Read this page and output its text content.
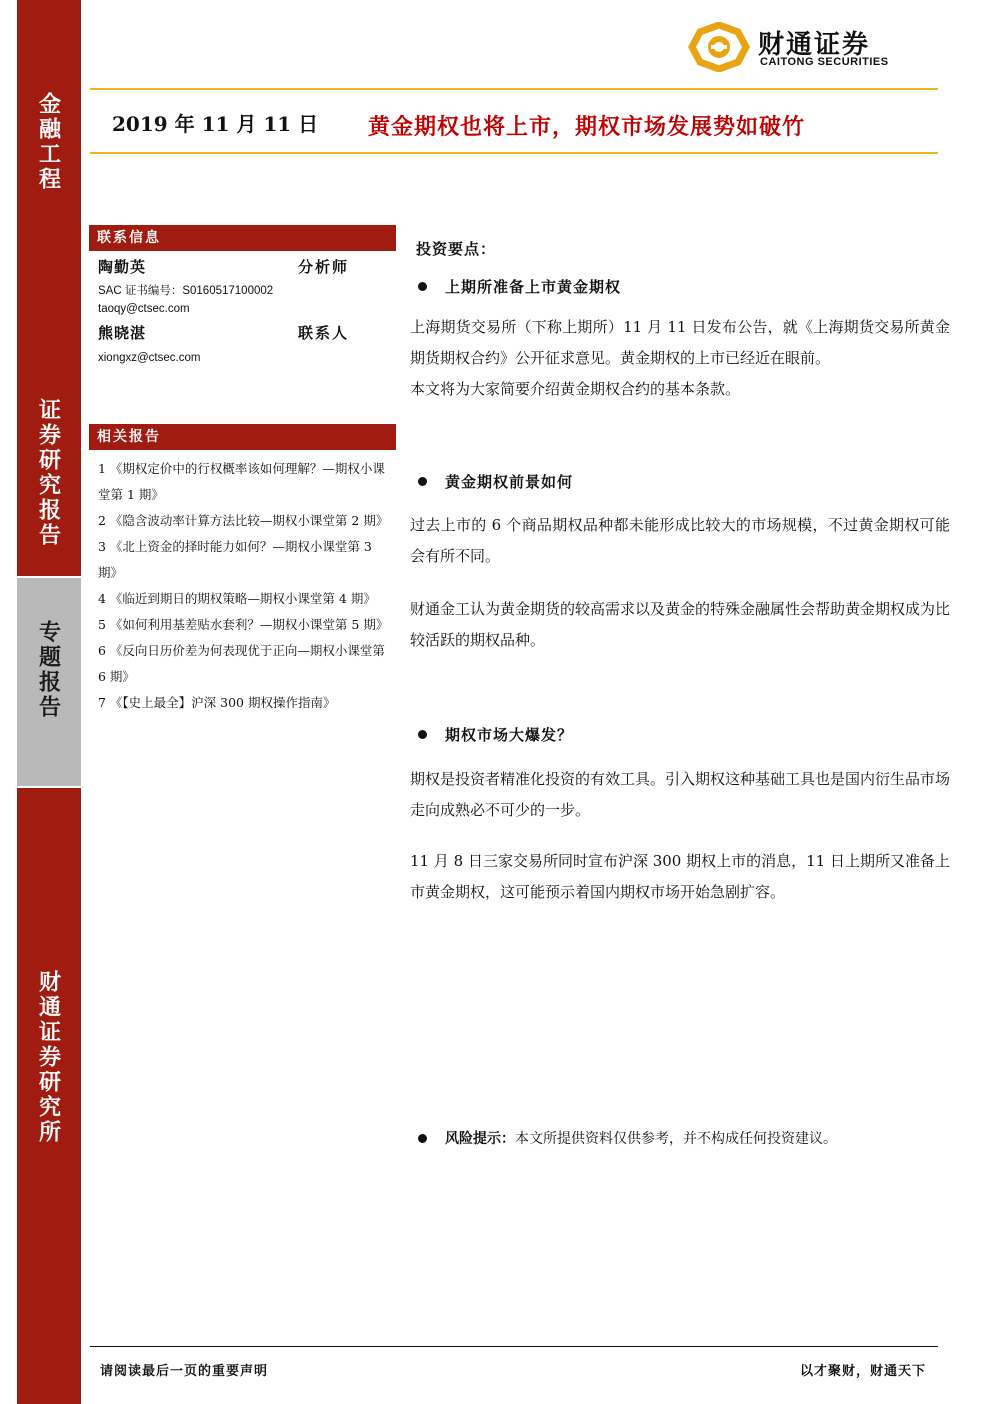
金融工程
证券研究报告
专题报告
财通证券研究所
财通证券
CAITONG SECURITIES
2019 年 11 月 11 日 黄金期权也将上市，期权市场发展势如破竹
联系信息
陶勤英	分析师
SAC 证书编号：S0160517100002
taoqy@ctsec.com
熊晓湛	联系人
xiongxz@ctsec.com
相关报告
1 《期权定价中的行权概率该如何理解？—期权小课堂第 1 期》
2 《隐含波动率计算方法比较—期权小课堂第 2 期》
3 《北上资金的择时能力如何？—期权小课堂第 3 期》
4 《临近到期日的期权策略—期权小课堂第 4 期》
5 《如何利用基差贴水套利？—期权小课堂第 5 期》
6 《反向日历价差为何表现优于正向—期权小课堂第 6 期》
7 《【史上最全】沪深 300 期权操作指南》
投资要点：
上期所准备上市黄金期权
上海期货交易所（下称上期所）11 月 11 日发布公告，就《上海期货交易所黄金期货期权合约》公开征求意见。黄金期权的上市已经近在眼前。
本文将为大家简要介绍黄金期权合约的基本条款。
黄金期权前景如何
过去上市的 6 个商品期权品种都未能形成比较大的市场规模，不过黄金期权可能会有所不同。
财通金工认为黄金期货的较高需求以及黄金的特殊金融属性会帮助黄金期权成为比较活跃的期权品种。
期权市场大爆发？
期权是投资者精准化投资的有效工具。引入期权这种基础工具也是国内衍生品市场走向成熟必不可少的一步。
11 月 8 日三家交易所同时宣布沪深 300 期权上市的消息，11 日上期所又准备上市黄金期权，这可能预示着国内期权市场开始急剧扩容。
风险提示： 本文所提供资料仅供参考，并不构成任何投资建议。
请阅读最后一页的重要声明	以才聚财，财通天下
